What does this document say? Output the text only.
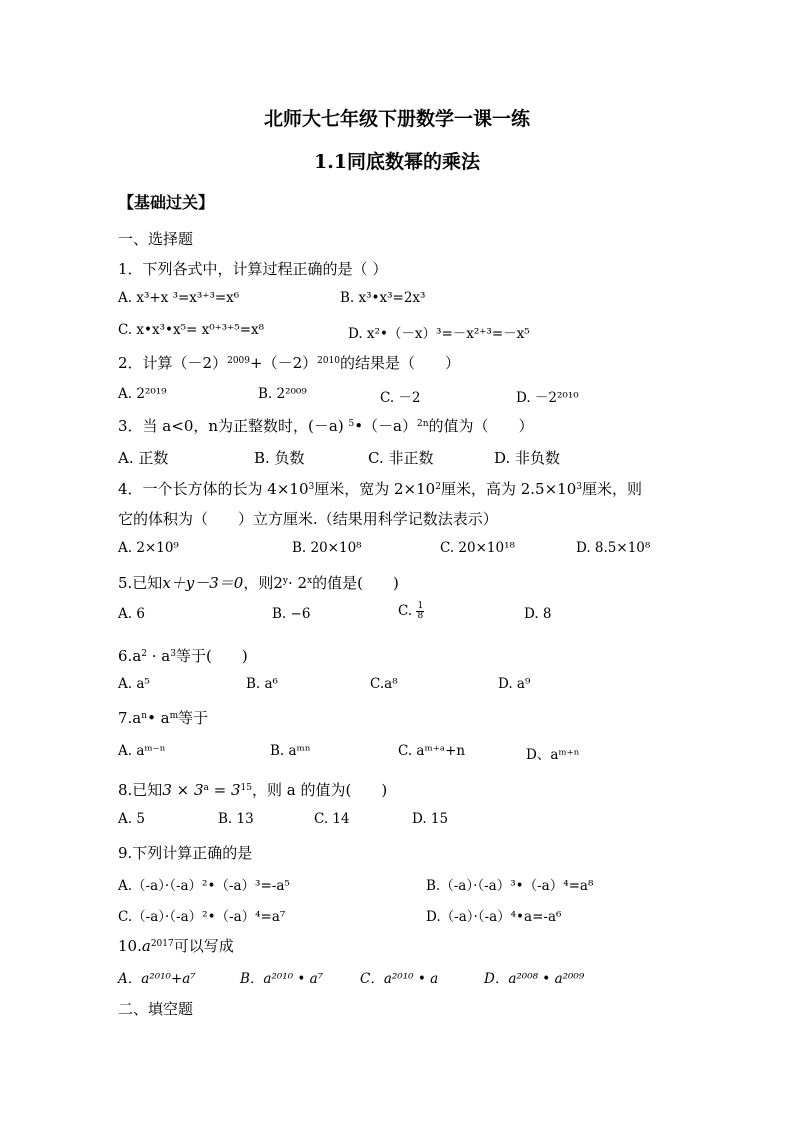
北师大七年级下册数学一课一练
1.1同底数幂的乘法
【基础过关】
一、选择题
1．下列各式中，计算过程正确的是（ ）
A. x³+x ³=x³⁺³=x⁶	B. x³•x³=2x³
C. x•x³•x⁵= x⁰⁺³⁺⁵=x⁸	D. x²•（－x）³=－x²⁺³=－x⁵
2．计算$(-2)^{2009}+(-2)^{2010}$的结果是（　　）
A. 2²⁰¹⁹	B. 2²⁰⁰⁹	C. －2	D. －2²⁰¹⁰
3．当 a<0，n为正整数时，(－a) $^5•(-a)^{2n}$的值为（　　）
A. 正数	B. 负数	C. 非正数	D. 非负数
4．一个长方体的长为 $4\times 10^3$厘米，宽为 $2\times 10^2$厘米，高为 $2.5\times 10^3$厘米，则
它的体积为（　　）立方厘米.（结果用科学记数法表示）
A. 2×10⁹	B. 20×10⁸	C. 20×10¹⁸	D. 8.5×10⁸
5.已知x＋y－3＝0，则$2^y\cdot 2^x$的值是(　　)
A. 6	B. −6	C. $\frac{1}{8}$	D. 8
$6.a^2 \cdot a^3$等于(　　)
A. a⁵	B. a⁶	C.a⁸	D. a⁹
$7.a^n•$ $a^m$等于
A. aᵐ⁻ⁿ	B. aᵐⁿ	C. aᵐ⁺ᵃ+n	D、aᵐ⁺ⁿ
8.已知$3 \times 3^a = 3^{15}$，则 a 的值为(　　)
A. 5	B. 13	C. 14	D. 15
9.下列计算正确的是
A.（-a）·（-a）²•（-a）³=-a⁵	B.（-a）·（-a）³•（-a）⁴=a⁸
C.（-a）·（-a）²•（-a）⁴=a⁷	D.（-a）·（-a）⁴•a=-a⁶
$10.a^{2017}$可以写成
A．a²⁰¹⁰+a⁷	B．a²⁰¹⁰ • a⁷	C．a²⁰¹⁰ • a	D．a²⁰⁰⁸ • a²⁰⁰⁹
二、填空题
